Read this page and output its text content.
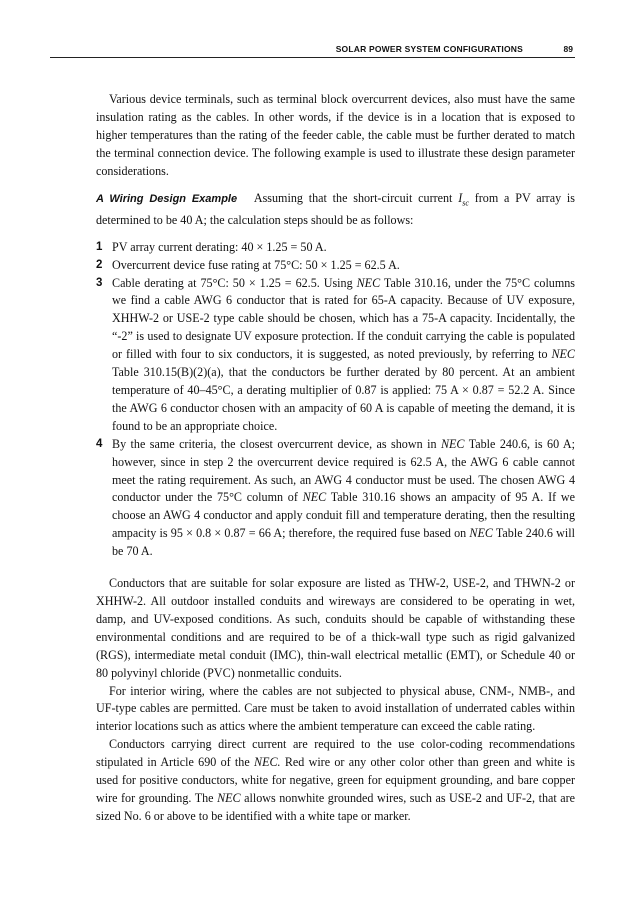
SOLAR POWER SYSTEM CONFIGURATIONS	89

Various device terminals, such as terminal block overcurrent devices, also must have the same insulation rating as the cables. In other words, if the device is in a location that is exposed to higher temperatures than the rating of the feeder cable, the cable must be further derated to match the terminal connection device. The following example is used to illustrate these design parameter considerations.

A Wiring Design Example Assuming that the short-circuit current $I_{sc}$ from a PV array is determined to be 40 A; the calculation steps should be as follows:

1 PV array current derating: 40 × 1.25 = 50 A.
2 Overcurrent device fuse rating at 75°C: 50 × 1.25 = 62.5 A.
3 Cable derating at 75°C: 50 × 1.25 = 62.5. Using NEC Table 310.16, under the 75°C columns we find a cable AWG 6 conductor that is rated for 65-A capacity. Because of UV exposure, XHHW-2 or USE-2 type cable should be chosen, which has a 75-A capacity. Incidentally, the “-2” is used to designate UV exposure protection. If the conduit carrying the cable is populated or filled with four to six conductors, it is suggested, as noted previously, by referring to NEC Table 310.15(B)(2)(a), that the conductors be further derated by 80 percent. At an ambient temperature of 40–45°C, a derating multiplier of 0.87 is applied: 75 A × 0.87 = 52.2 A. Since the AWG 6 conductor chosen with an ampacity of 60 A is capable of meeting the demand, it is found to be an appropriate choice.
4 By the same criteria, the closest overcurrent device, as shown in NEC Table 240.6, is 60 A; however, since in step 2 the overcurrent device required is 62.5 A, the AWG 6 cable cannot meet the rating requirement. As such, an AWG 4 conductor must be used. The chosen AWG 4 conductor under the 75°C column of NEC Table 310.16 shows an ampacity of 95 A. If we choose an AWG 4 conductor and apply conduit fill and temperature derating, then the resulting ampacity is 95 × 0.8 × 0.87 = 66 A; therefore, the required fuse based on NEC Table 240.6 will be 70 A.

Conductors that are suitable for solar exposure are listed as THW-2, USE-2, and THWN-2 or XHHW-2. All outdoor installed conduits and wireways are considered to be operating in wet, damp, and UV-exposed conditions. As such, conduits should be capable of withstanding these environmental conditions and are required to be of a thick-wall type such as rigid galvanized (RGS), intermediate metal conduit (IMC), thin-wall electrical metallic (EMT), or Schedule 40 or 80 polyvinyl chloride (PVC) nonmetallic conduits.

For interior wiring, where the cables are not subjected to physical abuse, CNM-, NMB-, and UF-type cables are permitted. Care must be taken to avoid installation of underrated cables within interior locations such as attics where the ambient temperature can exceed the cable rating.

Conductors carrying direct current are required to the use color-coding recommendations stipulated in Article 690 of the NEC. Red wire or any other color other than green and white is used for positive conductors, white for negative, green for equipment grounding, and bare copper wire for grounding. The NEC allows nonwhite grounded wires, such as USE-2 and UF-2, that are sized No. 6 or above to be identified with a white tape or marker.
